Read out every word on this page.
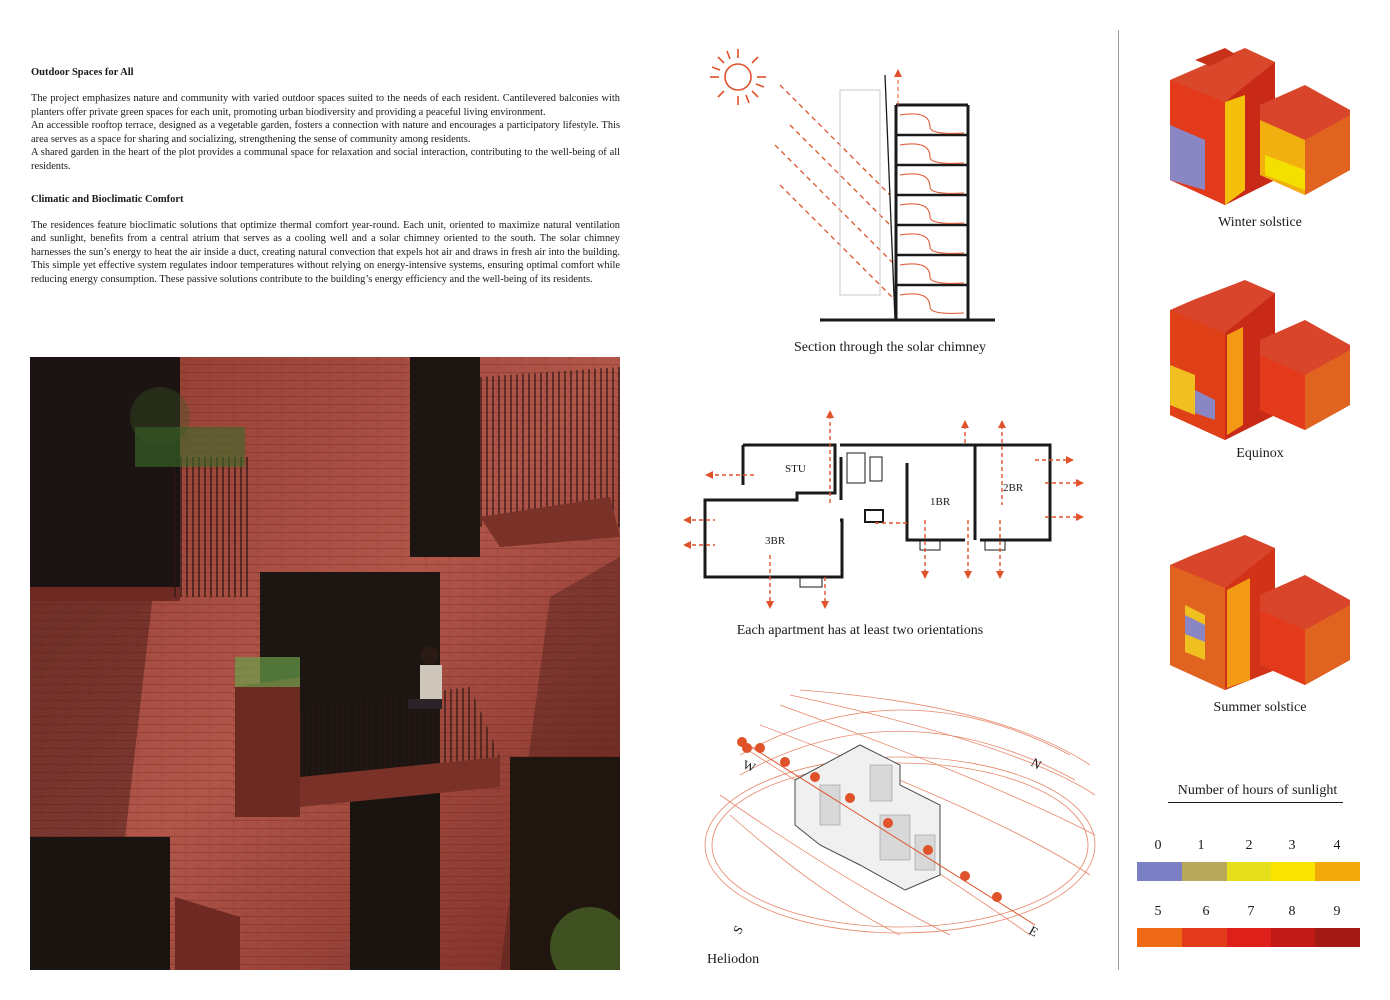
Outdoor Spaces for All

The project emphasizes nature and community with varied outdoor spaces suited to the needs of each resident. Cantilevered balconies with planters offer private green spaces for each unit, promoting urban biodiversity and providing a peaceful living environment.

An accessible rooftop terrace, designed as a vegetable garden, fosters a connection with nature and encourages a participatory lifestyle. This area serves as a space for sharing and socializing, strengthening the sense of community among residents.

A shared garden in the heart of the plot provides a communal space for relaxation and social interaction, contributing to the well-being of all residents.

Climatic and Bioclimatic Comfort

The residences feature bioclimatic solutions that optimize thermal comfort year-round. Each unit, oriented to maximize natural ventilation and sunlight, benefits from a central atrium that serves as a cooling well and a solar chimney oriented to the south. The solar chimney harnesses the sun’s energy to heat the air inside a duct, creating natural convection that expels hot air and draws in fresh air into the building. This simple yet effective system regulates indoor temperatures without relying on energy-intensive systems, ensuring optimal comfort while reducing energy consumption. These passive solutions contribute to the building’s energy efficiency and the well-being of its residents.

Section through the solar chimney
STU
1BR
2BR
3BR
Each apartment has at least two orientations
W	N
S	E
Heliodon
Winter solstice
Equinox
Summer solstice
Number of hours of sunlight
0	1	2	3	4
5	6	7	8	9
